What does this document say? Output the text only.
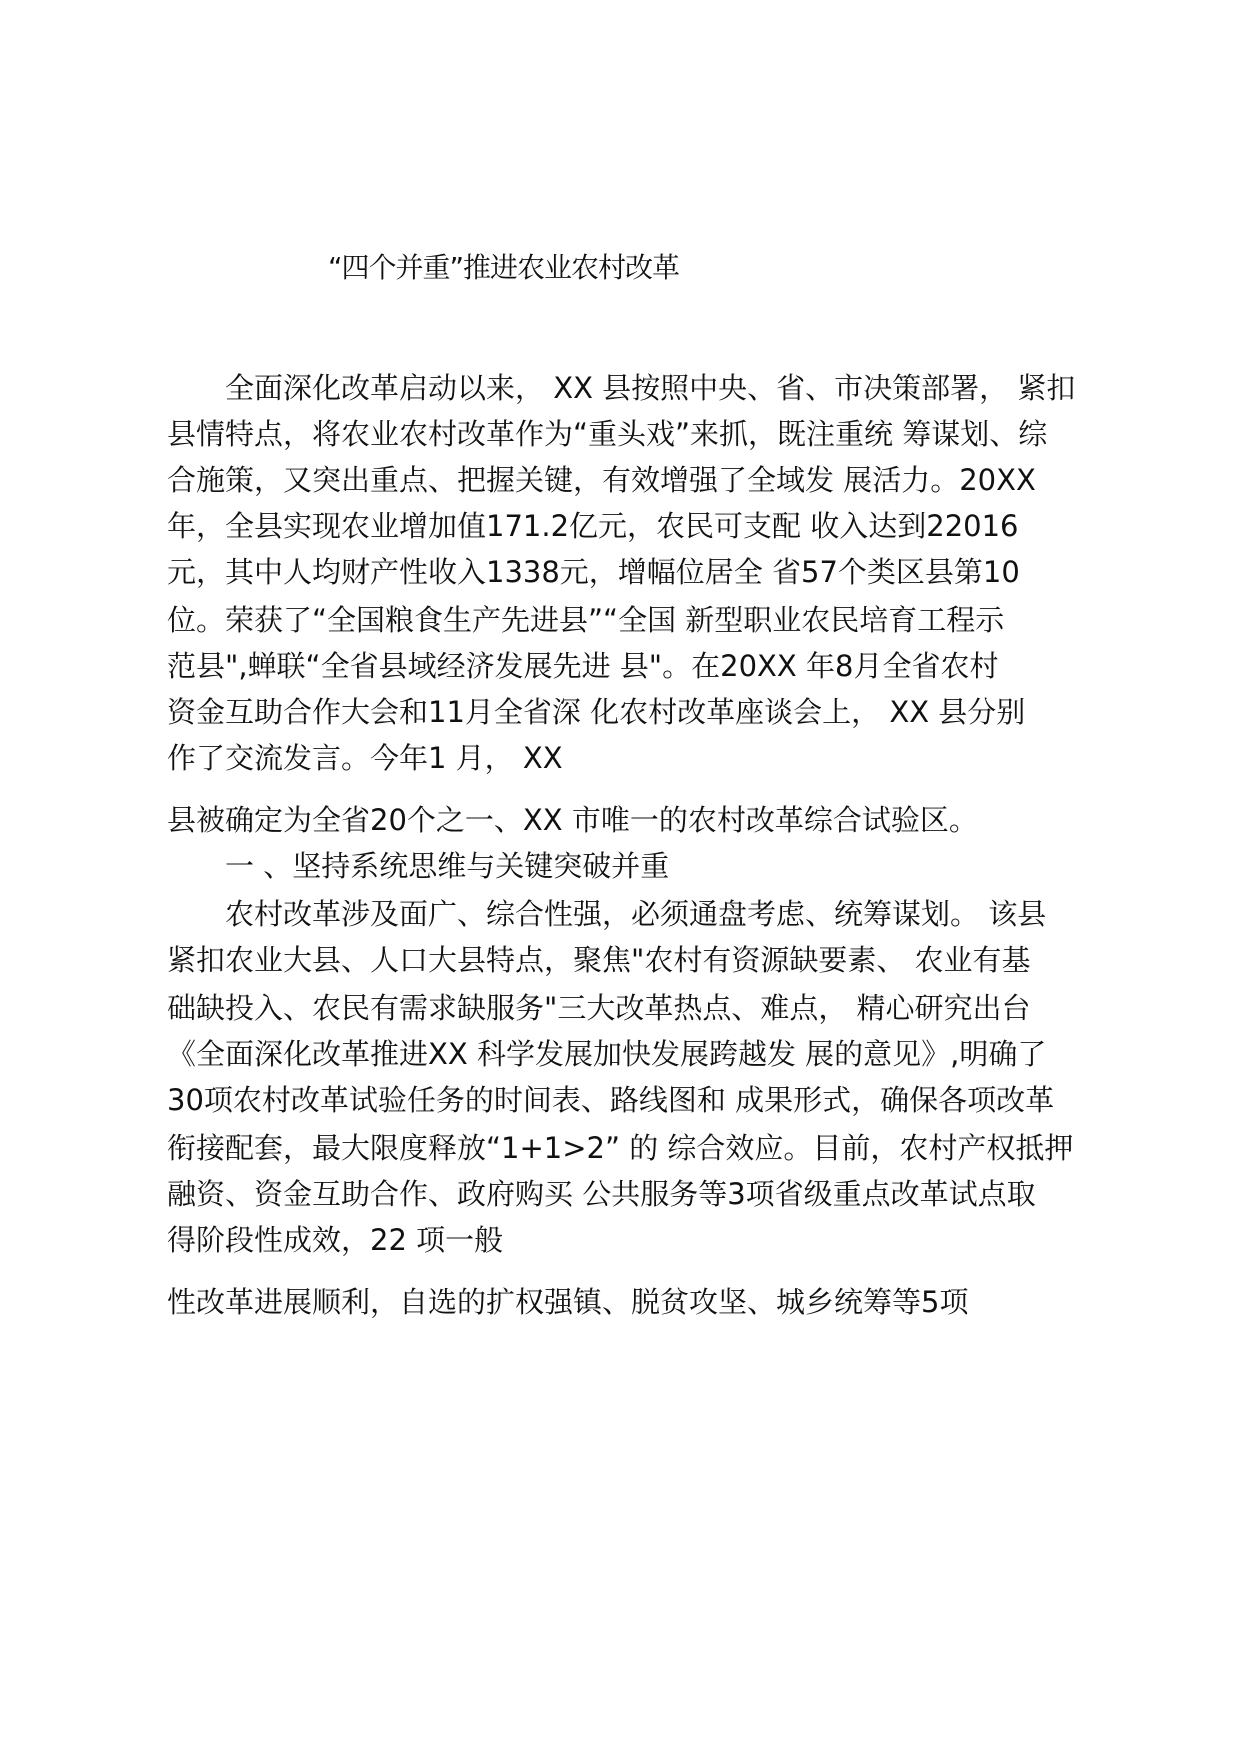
“四个并重”推进农业农村改革
　　全面深化改革启动以来， XX 县按照中央、省、市决策部署， 紧扣
县情特点，将农业农村改革作为“重头戏”来抓，既注重统 筹谋划、综
合施策，又突出重点、把握关键，有效增强了全域发 展活力。20XX
年，全县实现农业增加值171.2亿元，农民可支配 收入达到22016
元，其中人均财产性收入1338元，增幅位居全 省57个类区县第10
位。荣获了“全国粮食生产先进县”“全国 新型职业农民培育工程示
范县",蝉联“全省县域经济发展先进 县"。在20XX 年8月全省农村
资金互助合作大会和11月全省深 化农村改革座谈会上， XX 县分别
作了交流发言。今年1 月， XX
县被确定为全省20个之一、XX 市唯一的农村改革综合试验区。
　　一 、坚持系统思维与关键突破并重
　　农村改革涉及面广、综合性强，必须通盘考虑、统筹谋划。 该县
紧扣农业大县、人口大县特点，聚焦"农村有资源缺要素、 农业有基
础缺投入、农民有需求缺服务"三大改革热点、难点， 精心研究出台
《全面深化改革推进XX 科学发展加快发展跨越发 展的意见》,明确了
30项农村改革试验任务的时间表、路线图和 成果形式，确保各项改革
衔接配套，最大限度释放“1+1>2” 的 综合效应。目前，农村产权抵押
融资、资金互助合作、政府购买 公共服务等3项省级重点改革试点取
得阶段性成效，22 项一般
性改革进展顺利，自选的扩权强镇、脱贫攻坚、城乡统筹等5项
